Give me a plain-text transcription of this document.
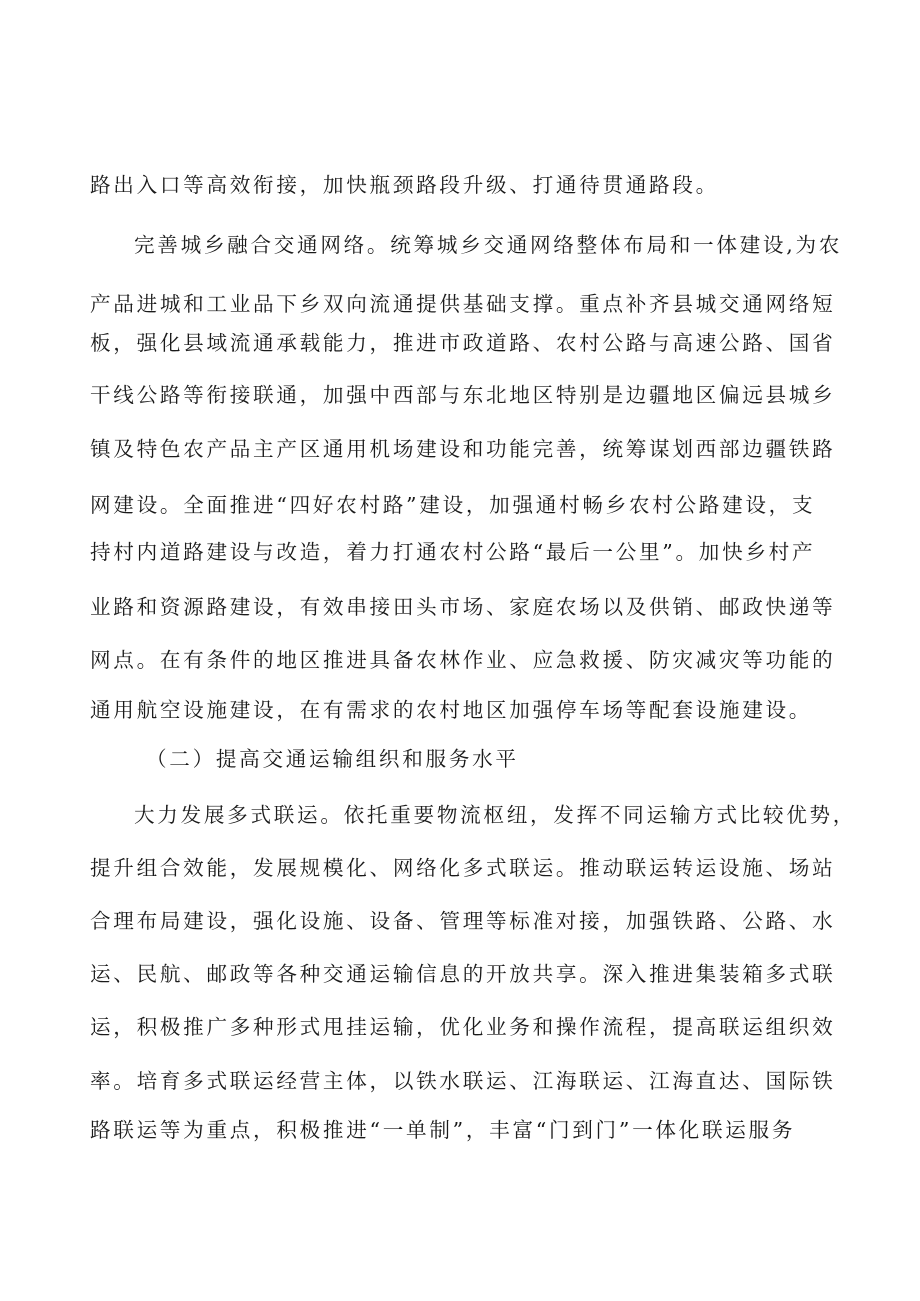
路出入口等高效衔接，加快瓶颈路段升级、打通待贯通路段。
完善城乡融合交通网络。统筹城乡交通网络整体布局和一体建设,为农
产品进城和工业品下乡双向流通提供基础支撑。重点补齐县城交通网络短
板，强化县域流通承载能力，推进市政道路、农村公路与高速公路、国省
干线公路等衔接联通，加强中西部与东北地区特别是边疆地区偏远县城乡
镇及特色农产品主产区通用机场建设和功能完善，统筹谋划西部边疆铁路
网建设。全面推进“四好农村路”建设，加强通村畅乡农村公路建设，支
持村内道路建设与改造，着力打通农村公路“最后一公里”。加快乡村产
业路和资源路建设，有效串接田头市场、家庭农场以及供销、邮政快递等
网点。在有条件的地区推进具备农林作业、应急救援、防灾减灾等功能的
通用航空设施建设，在有需求的农村地区加强停车场等配套设施建设。
（二）提高交通运输组织和服务水平
大力发展多式联运。依托重要物流枢纽，发挥不同运输方式比较优势，
提升组合效能，发展规模化、网络化多式联运。推动联运转运设施、场站
合理布局建设，强化设施、设备、管理等标准对接，加强铁路、公路、水
运、民航、邮政等各种交通运输信息的开放共享。深入推进集装箱多式联
运，积极推广多种形式甩挂运输，优化业务和操作流程，提高联运组织效
率。培育多式联运经营主体，以铁水联运、江海联运、江海直达、国际铁
路联运等为重点，积极推进“一单制”，丰富“门到门”一体化联运服务
